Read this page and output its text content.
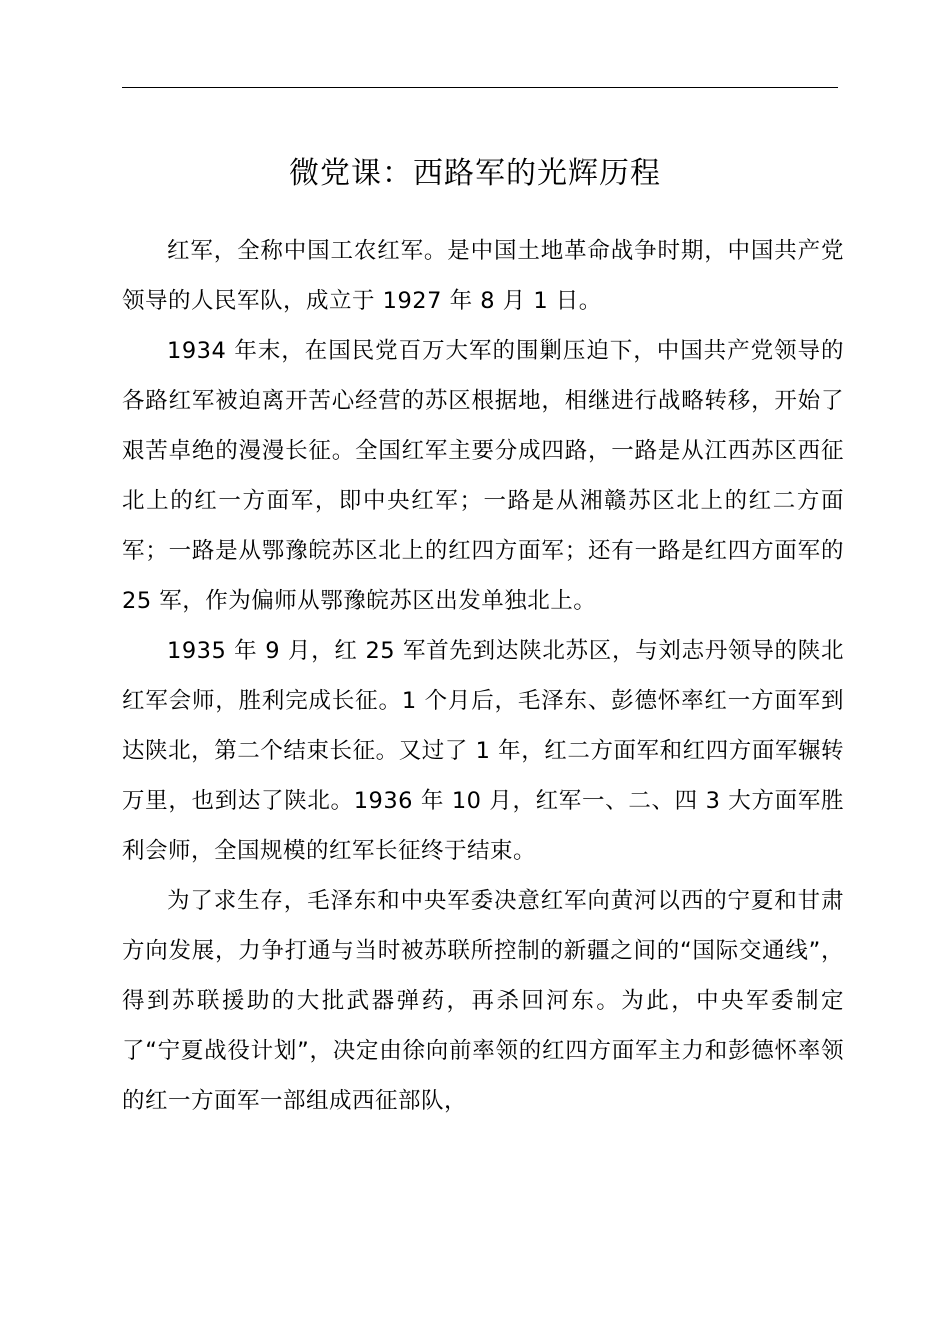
微党课：西路军的光辉历程

红军，全称中国工农红军。是中国土地革命战争时期，中国共产党领导的人民军队，成立于 1927 年 8 月 1 日。

1934 年末，在国民党百万大军的围剿压迫下，中国共产党领导的各路红军被迫离开苦心经营的苏区根据地，相继进行战略转移，开始了艰苦卓绝的漫漫长征。全国红军主要分成四路，一路是从江西苏区西征北上的红一方面军，即中央红军；一路是从湘赣苏区北上的红二方面军；一路是从鄂豫皖苏区北上的红四方面军；还有一路是红四方面军的 25 军，作为偏师从鄂豫皖苏区出发单独北上。

1935 年 9 月，红 25 军首先到达陕北苏区，与刘志丹领导的陕北红军会师，胜利完成长征。1 个月后，毛泽东、彭德怀率红一方面军到达陕北，第二个结束长征。又过了 1 年，红二方面军和红四方面军辗转万里，也到达了陕北。1936 年 10 月，红军一、二、四 3 大方面军胜利会师，全国规模的红军长征终于结束。

为了求生存，毛泽东和中央军委决意红军向黄河以西的宁夏和甘肃方向发展，力争打通与当时被苏联所控制的新疆之间的“国际交通线”，得到苏联援助的大批武器弹药，再杀回河东。为此，中央军委制定了“宁夏战役计划”，决定由徐向前率领的红四方面军主力和彭德怀率领的红一方面军一部组成西征部队，
